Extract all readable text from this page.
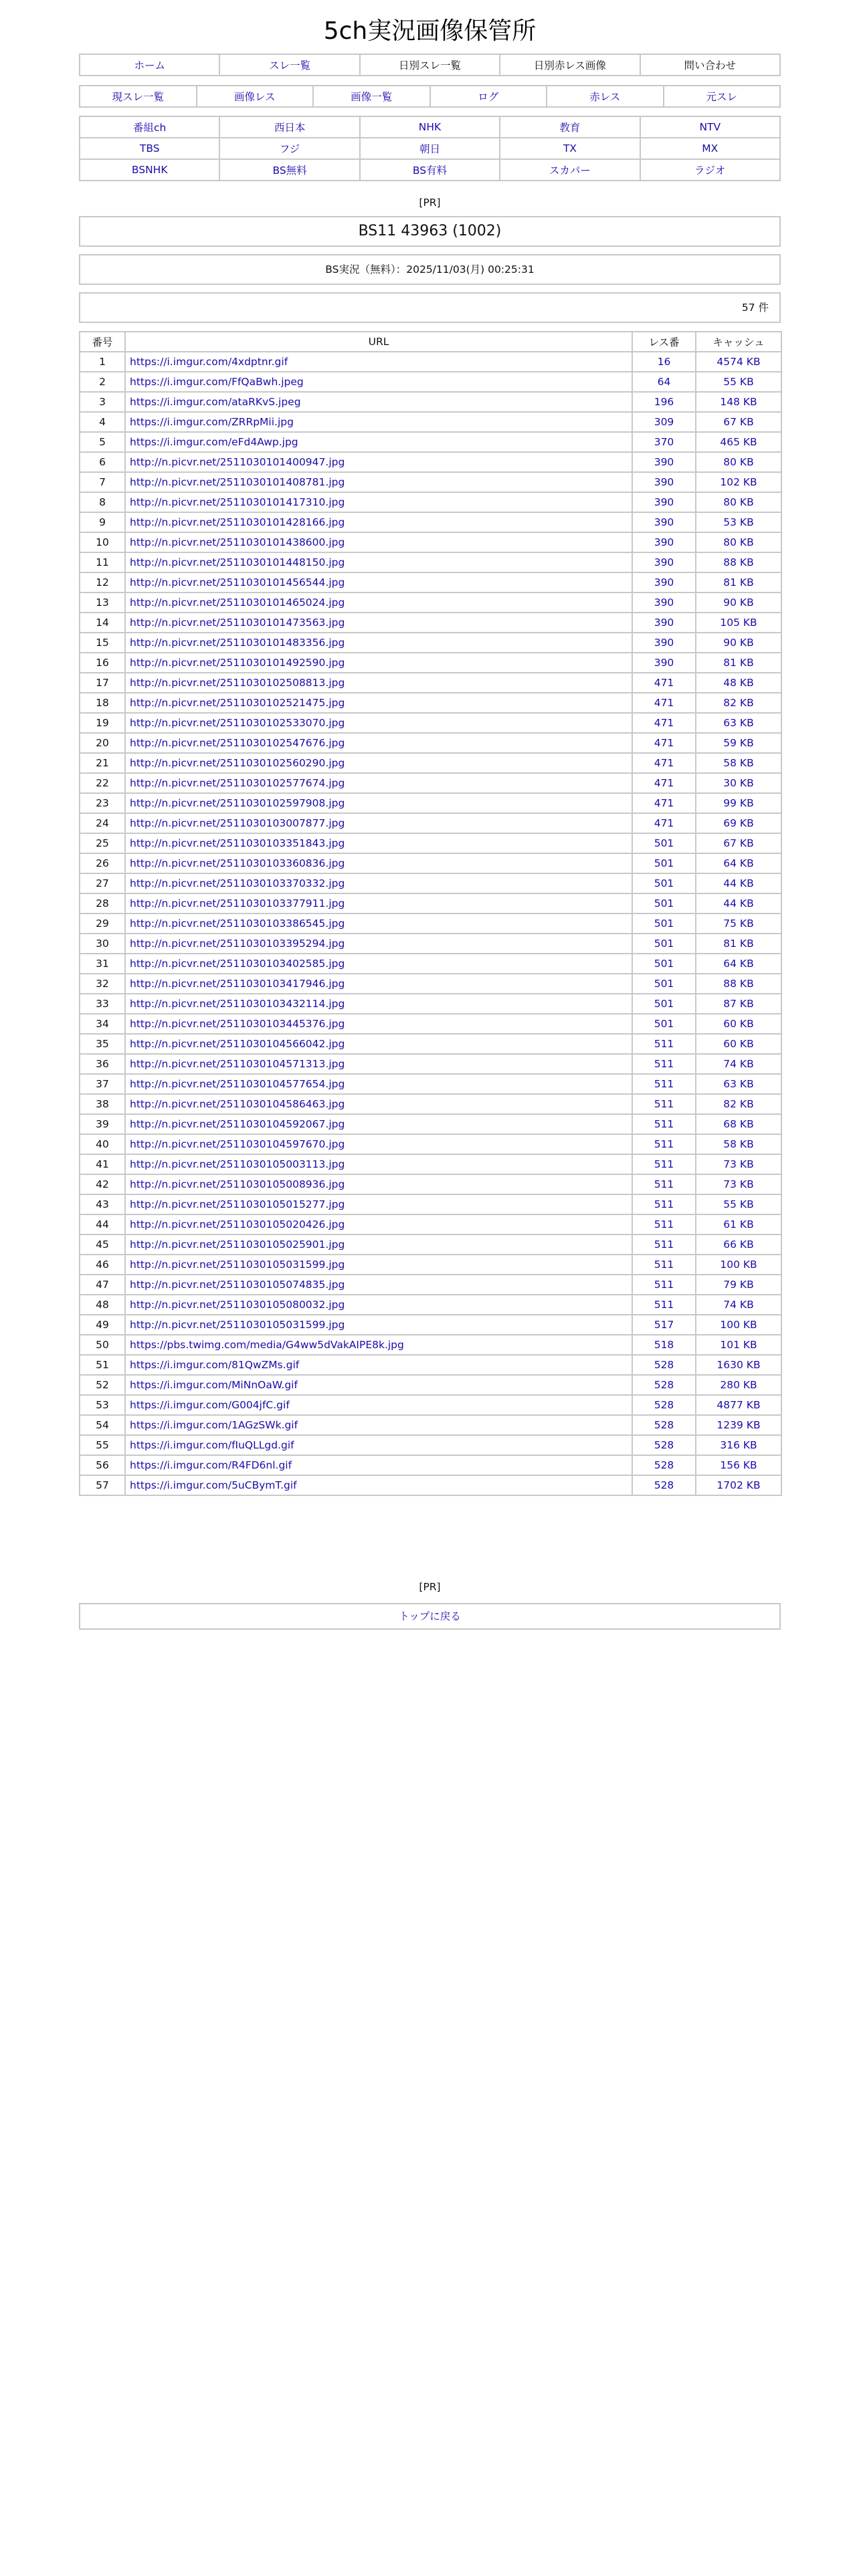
5ch実況画像保管所
ホーム	スレ一覧	日別スレ一覧	日別赤レス画像	問い合わせ
現スレ一覧	画像レス	画像一覧	ログ	赤レス	元スレ
番組ch	西日本	NHK	教育	NTV
TBS	フジ	朝日	TX	MX
BSNHK	BS無料	BS有料	スカパー	ラジオ
[PR]
BS11 43963 (1002)
BS実況（無料）：2025/11/03(月) 00:25:31
57 件
番号	URL	レス番	キャッシュ
1	https://i.imgur.com/4xdptnr.gif	16	4574 KB
2	https://i.imgur.com/FfQaBwh.jpeg	64	55 KB
3	https://i.imgur.com/ataRKvS.jpeg	196	148 KB
4	https://i.imgur.com/ZRRpMii.jpg	309	67 KB
5	https://i.imgur.com/eFd4Awp.jpg	370	465 KB
6	http://n.picvr.net/2511030101400947.jpg	390	80 KB
7	http://n.picvr.net/2511030101408781.jpg	390	102 KB
8	http://n.picvr.net/2511030101417310.jpg	390	80 KB
9	http://n.picvr.net/2511030101428166.jpg	390	53 KB
10	http://n.picvr.net/2511030101438600.jpg	390	80 KB
11	http://n.picvr.net/2511030101448150.jpg	390	88 KB
12	http://n.picvr.net/2511030101456544.jpg	390	81 KB
13	http://n.picvr.net/2511030101465024.jpg	390	90 KB
14	http://n.picvr.net/2511030101473563.jpg	390	105 KB
15	http://n.picvr.net/2511030101483356.jpg	390	90 KB
16	http://n.picvr.net/2511030101492590.jpg	390	81 KB
17	http://n.picvr.net/2511030102508813.jpg	471	48 KB
18	http://n.picvr.net/2511030102521475.jpg	471	82 KB
19	http://n.picvr.net/2511030102533070.jpg	471	63 KB
20	http://n.picvr.net/2511030102547676.jpg	471	59 KB
21	http://n.picvr.net/2511030102560290.jpg	471	58 KB
22	http://n.picvr.net/2511030102577674.jpg	471	30 KB
23	http://n.picvr.net/2511030102597908.jpg	471	99 KB
24	http://n.picvr.net/2511030103007877.jpg	471	69 KB
25	http://n.picvr.net/2511030103351843.jpg	501	67 KB
26	http://n.picvr.net/2511030103360836.jpg	501	64 KB
27	http://n.picvr.net/2511030103370332.jpg	501	44 KB
28	http://n.picvr.net/2511030103377911.jpg	501	44 KB
29	http://n.picvr.net/2511030103386545.jpg	501	75 KB
30	http://n.picvr.net/2511030103395294.jpg	501	81 KB
31	http://n.picvr.net/2511030103402585.jpg	501	64 KB
32	http://n.picvr.net/2511030103417946.jpg	501	88 KB
33	http://n.picvr.net/2511030103432114.jpg	501	87 KB
34	http://n.picvr.net/2511030103445376.jpg	501	60 KB
35	http://n.picvr.net/2511030104566042.jpg	511	60 KB
36	http://n.picvr.net/2511030104571313.jpg	511	74 KB
37	http://n.picvr.net/2511030104577654.jpg	511	63 KB
38	http://n.picvr.net/2511030104586463.jpg	511	82 KB
39	http://n.picvr.net/2511030104592067.jpg	511	68 KB
40	http://n.picvr.net/2511030104597670.jpg	511	58 KB
41	http://n.picvr.net/2511030105003113.jpg	511	73 KB
42	http://n.picvr.net/2511030105008936.jpg	511	73 KB
43	http://n.picvr.net/2511030105015277.jpg	511	55 KB
44	http://n.picvr.net/2511030105020426.jpg	511	61 KB
45	http://n.picvr.net/2511030105025901.jpg	511	66 KB
46	http://n.picvr.net/2511030105031599.jpg	511	100 KB
47	http://n.picvr.net/2511030105074835.jpg	511	79 KB
48	http://n.picvr.net/2511030105080032.jpg	511	74 KB
49	http://n.picvr.net/2511030105031599.jpg	517	100 KB
50	https://pbs.twimg.com/media/G4ww5dVakAIPE8k.jpg	518	101 KB
51	https://i.imgur.com/81QwZMs.gif	528	1630 KB
52	https://i.imgur.com/MiNnOaW.gif	528	280 KB
53	https://i.imgur.com/G004jfC.gif	528	4877 KB
54	https://i.imgur.com/1AGzSWk.gif	528	1239 KB
55	https://i.imgur.com/fIuQLLgd.gif	528	316 KB
56	https://i.imgur.com/R4FD6nl.gif	528	156 KB
57	https://i.imgur.com/5uCBymT.gif	528	1702 KB
[PR]
トップに戻る
